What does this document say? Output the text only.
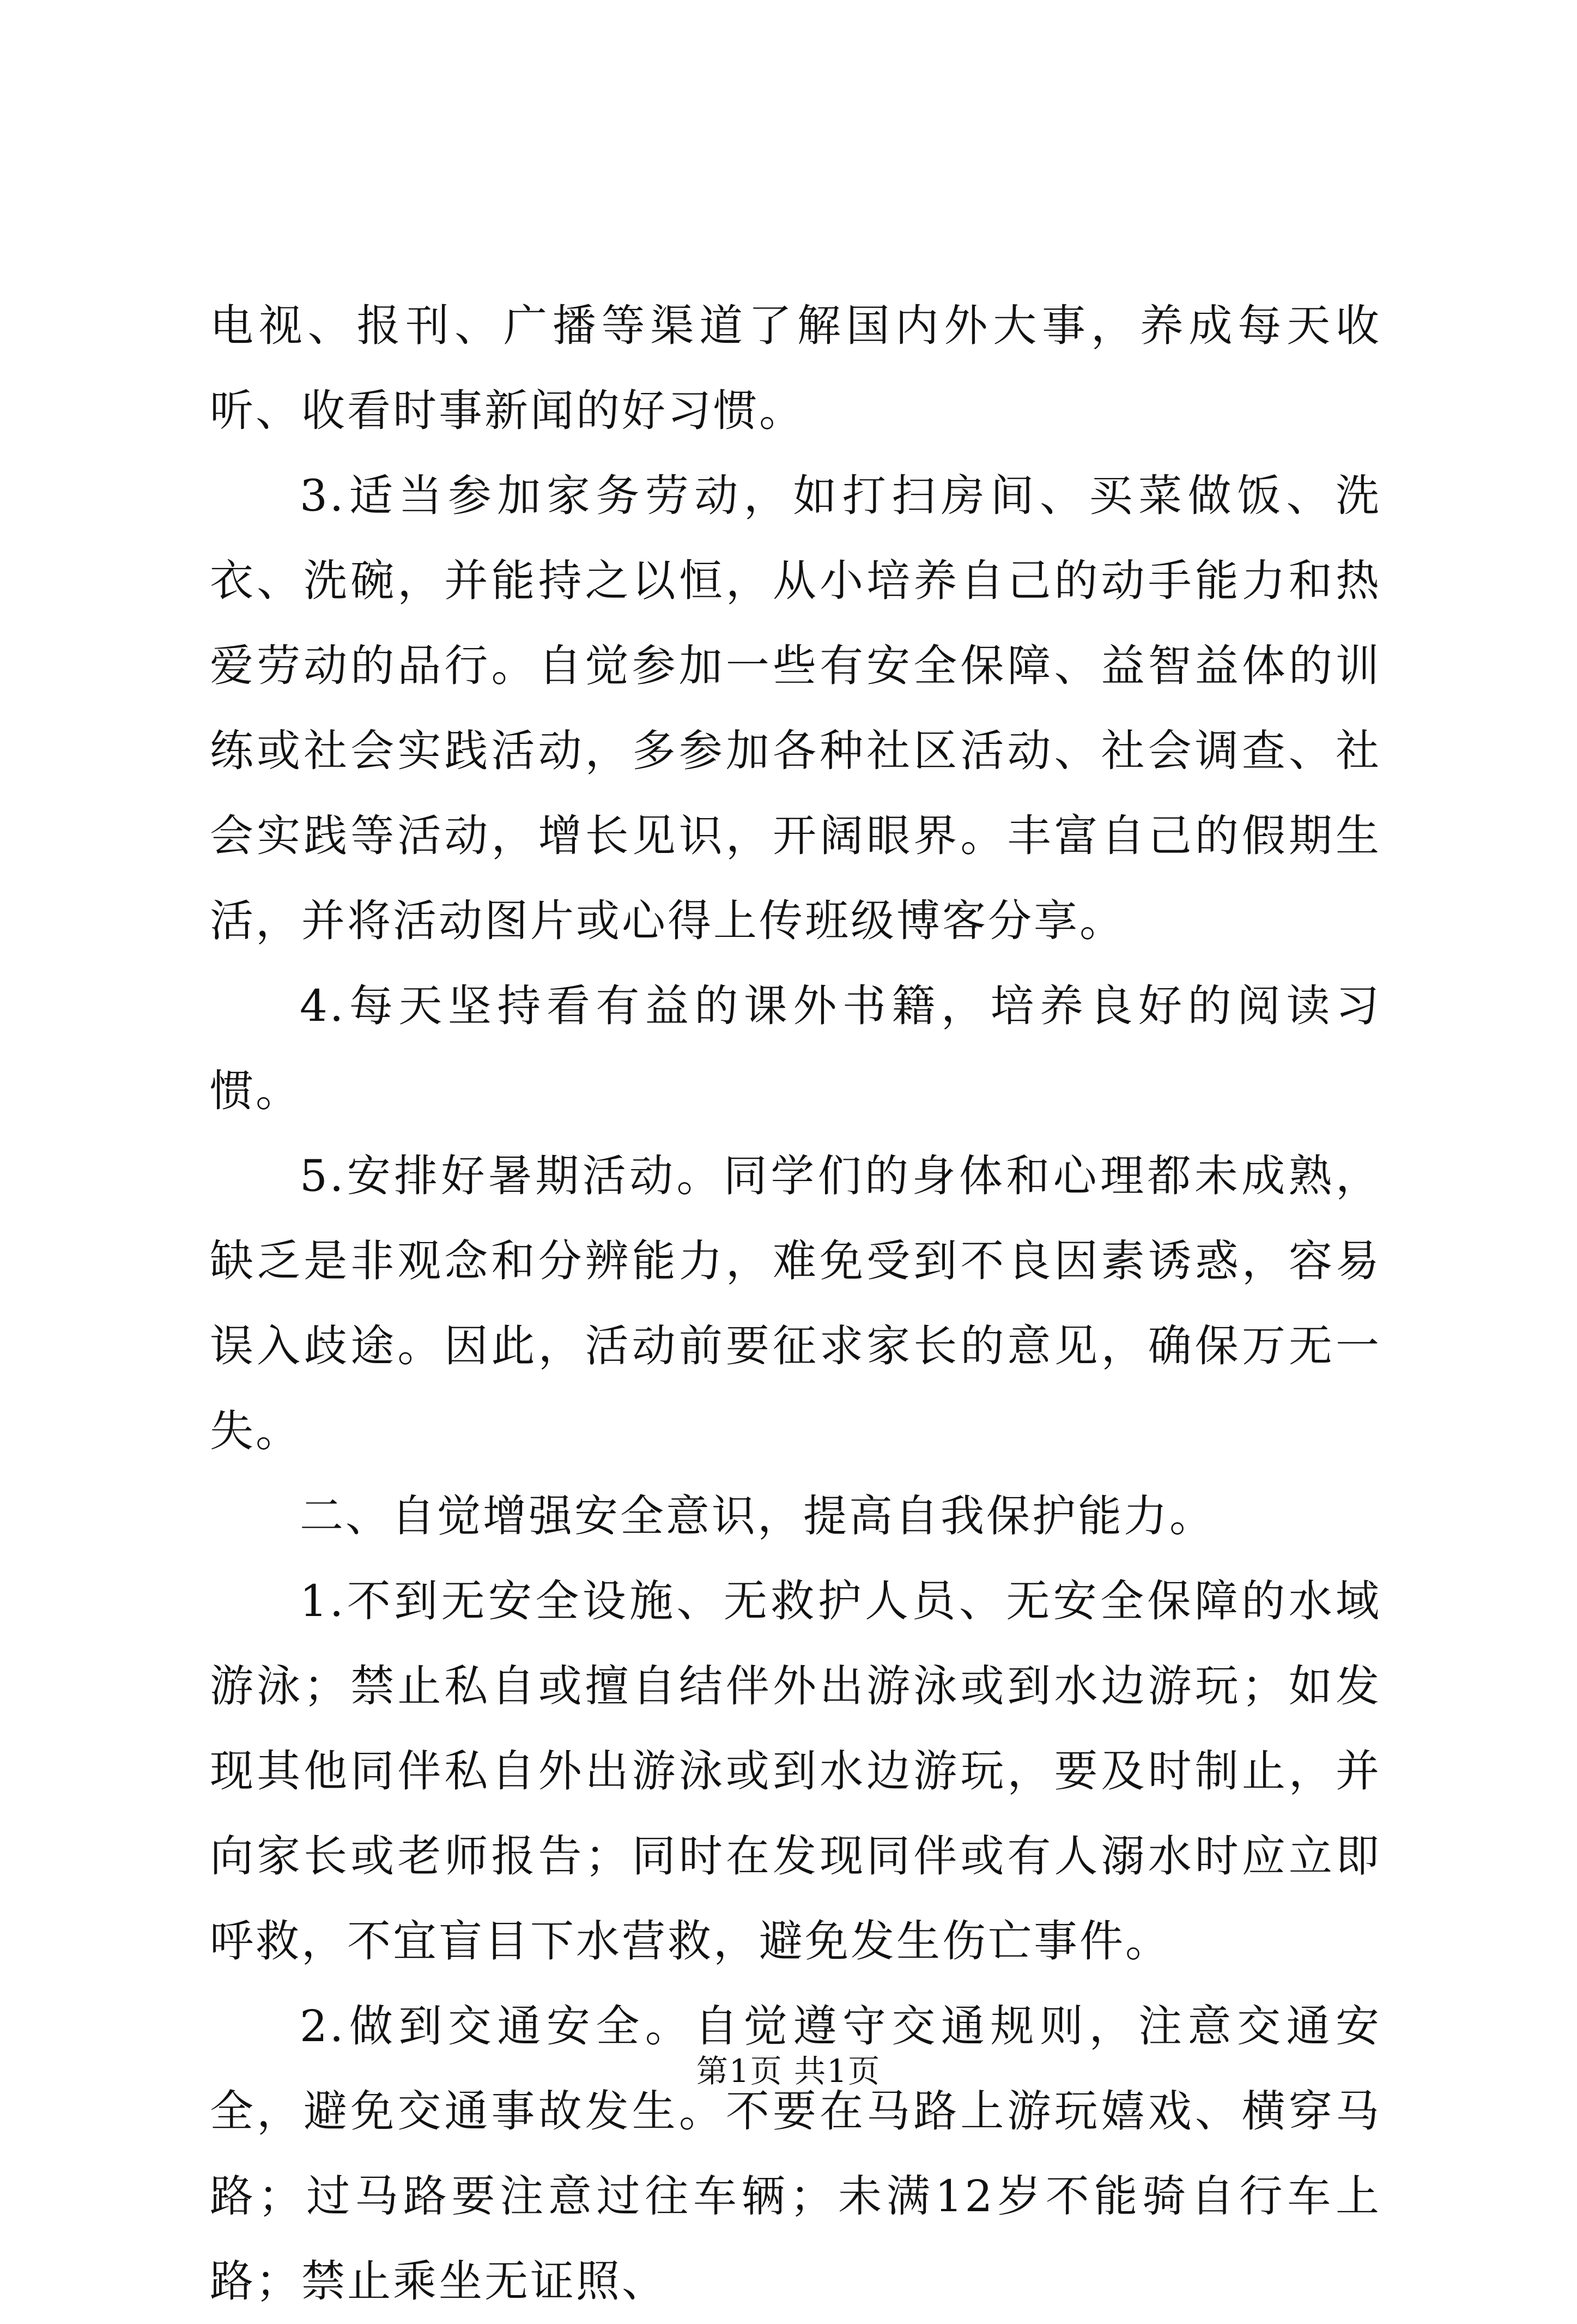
电视、报刊、广播等渠道了解国内外大事，养成每天收听、收看时事新闻的好习惯。

3.适当参加家务劳动，如打扫房间、买菜做饭、洗衣、洗碗，并能持之以恒，从小培养自己的动手能力和热爱劳动的品行。自觉参加一些有安全保障、益智益体的训练或社会实践活动，多参加各种社区活动、社会调查、社会实践等活动，增长见识，开阔眼界。丰富自己的假期生活，并将活动图片或心得上传班级博客分享。

4.每天坚持看有益的课外书籍，培养良好的阅读习惯。

5.安排好暑期活动。同学们的身体和心理都未成熟，缺乏是非观念和分辨能力，难免受到不良因素诱惑，容易误入歧途。因此，活动前要征求家长的意见，确保万无一失。

二、自觉增强安全意识，提高自我保护能力。

1.不到无安全设施、无救护人员、无安全保障的水域游泳；禁止私自或擅自结伴外出游泳或到水边游玩；如发现其他同伴私自外出游泳或到水边游玩，要及时制止，并向家长或老师报告；同时在发现同伴或有人溺水时应立即呼救，不宜盲目下水营救，避免发生伤亡事件。

2.做到交通安全。自觉遵守交通规则，注意交通安全，避免交通事故发生。不要在马路上游玩嬉戏、横穿马路；过马路要注意过往车辆；未满12岁不能骑自行车上路；禁止乘坐无证照、

第1页 共1页
